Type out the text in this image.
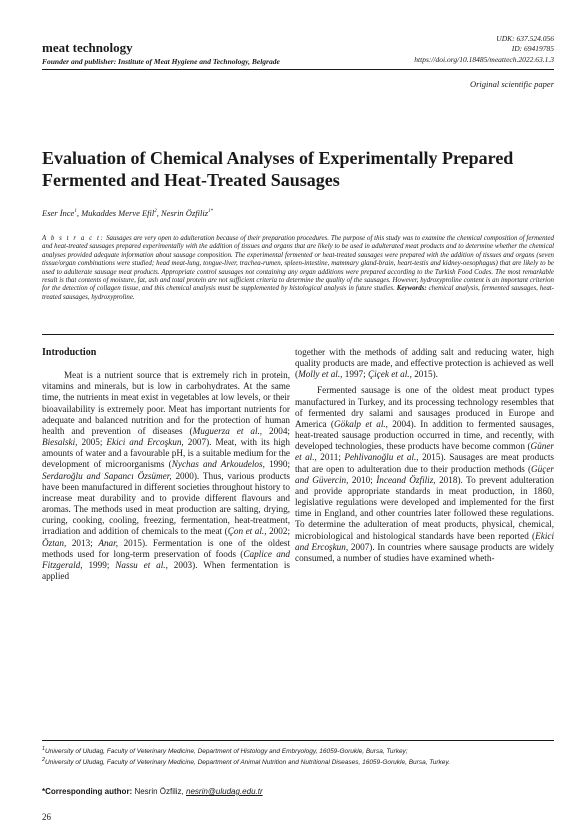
meat technology
Founder and publisher: Institute of Meat Hygiene and Technology, Belgrade
UDK: 637.524.056
ID: 69419785
https://doi.org/10.18485/meattech.2022.63.1.3
Original scientific paper
Evaluation of Chemical Analyses of Experimentally Prepared Fermented and Heat-Treated Sausages
Eser İnce$^1$, Mukaddes Merve Efil$^2$, Nesrin Özfiliz$^{1*}$
A b s t r a c t: Sausages are very open to adulteration because of their preparation procedures. The purpose of this study was to examine the chemical composition of fermented and heat-treated sausages prepared experimentally with the addition of tissues and organs that are likely to be used in adulterated meat products and to determine whether the chemical analyses provided adequate information about sausage composition. The experimental fermented or heat-treated sausages were prepared with the addition of tissues and organs (seven tissue/organ combinations were studied; head meat-lung, tongue-liver, trachea-rumen, spleen-intestine, mammary gland-brain, heart-testis and kidney-oesophagus) that are likely to be used to adulterate sausage meat products. Appropriate control sausages not containing any organ additions were prepared according to the Turkish Food Codes. The most remarkable result is that contents of moisture, fat, ash and total protein are not sufficient criteria to determine the quality of the sausages. However, hydroxyproline content is an important criterion for the detection of collagen tissue, and this chemical analysis must be supplemented by histological analysis in future studies. Keywords: chemical analysis, fermented sausages, heat-treated sausages, hydroxyproline.

Introduction

Meat is a nutrient source that is extremely rich in protein, vitamins and minerals, but is low in carbohydrates. At the same time, the nutrients in meat exist in vegetables at low levels, or their bioavailability is extremely poor. Meat has important nutrients for adequate and balanced nutrition and for the protection of human health and prevention of diseases (Muguerza et al., 2004; Biesalski, 2005; Ekici and Ercoşkun, 2007). Meat, with its high amounts of water and a favourable pH, is a suitable medium for the development of microorganisms (Nychas and Arkoudelos, 1990; Serdaroğlu and Sapancı Özsümer, 2000). Thus, various products have been manufactured in different societies throughout history to increase meat durability and to provide different flavours and aromas. The methods used in meat production are salting, drying, curing, cooking, cooling, freezing, fermentation, heat-treatment, irradiation and addition of chemicals to the meat (Çon et al., 2002; Öztan, 2013; Anar, 2015). Fermentation is one of the oldest methods used for long-term preservation of foods (Caplice and Fitzgerald, 1999; Nassu et al., 2003). When fermentation is applied

together with the methods of adding salt and reducing water, high quality products are made, and effective protection is achieved as well (Molly et al., 1997; Çiçek et al., 2015).

Fermented sausage is one of the oldest meat product types manufactured in Turkey, and its processing technology resembles that of fermented dry salami and sausages produced in Europe and America (Gökalp et al., 2004). In addition to fermented sausages, heat-treated sausage production occurred in time, and recently, with developed technologies, these products have become common (Güner et al., 2011; Pehlivanoğlu et al., 2015). Sausages are meat products that are open to adulteration due to their production methods (Güçer and Güvercin, 2010; İnceand Özfiliz, 2018). To prevent adulteration and provide appropriate standards in meat production, in 1860, legislative regulations were developed and implemented for the first time in England, and other countries later followed these regulations. To determine the adulteration of meat products, physical, chemical, microbiological and histological standards have been reported (Ekici and Ercoşkun, 2007). In countries where sausage products are widely consumed, a number of studies have examined wheth-

$^1$University of Uludag, Faculty of Veterinary Medicine, Department of Histology and Embryology, 16059-Gorukle, Bursa, Turkey;

$^2$University of Uludag, Faculty of Veterinary Medicine, Department of Animal Nutrition and Nutritional Diseases, 16059-Gorukle, Bursa, Turkey.

*Corresponding author: Nesrin Özfiliz, nesrin@uludag.edu.tr
26
